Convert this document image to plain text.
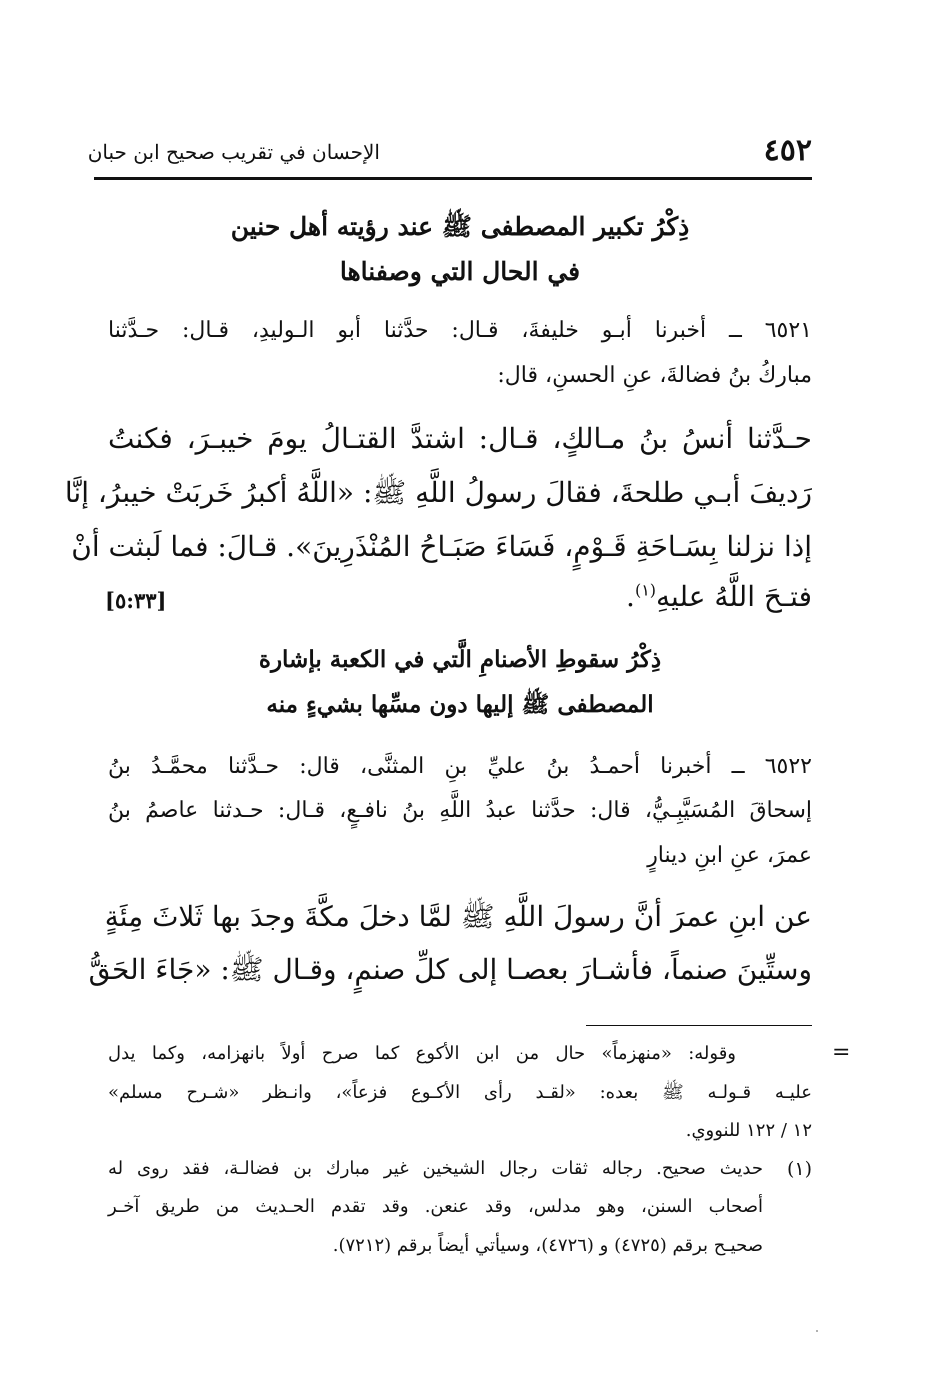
٤٥٢
الإحسان في تقريب صحيح ابن حبان
ذِكْرُ تكبير المصطفى ﷺ عند رؤيته أهل حنين
في الحال التي وصفناها
٦٥٢١ ــ أخبرنا أبـو خليفةَ، قـال: حدَّثنا أبو الـوليدِ، قـال: حـدَّثنا
مباركُ بنُ فضالةَ، عنِ الحسنِ، قال:
حـدَّثنا أنسُ بنُ مـالكٍ، قـال: اشتدَّ القتـالُ يومَ خيبـرَ، فكنتُ
رَديفَ أبـي طلحةَ، فقالَ رسولُ اللَّهِ ﷺ: «اللَّهُ أكبرُ خَربَتْ خيبرُ، إنَّا
إذا نزلنا بِسَـاحَةِ قَـوْمٍ، فَسَاءَ صَبَـاحُ المُنْذَرِينَ». قـالَ: فما لَبثت أنْ
فتـحَ اللَّهُ عليهِ$^{(١)}$.
[٥:٣٣]
ذِكْرُ سقوطِ الأصنامِ الَّتي في الكعبة بإشارة
المصطفى ﷺ إليها دون مسِّها بشيءٍ منه
٦٥٢٢ ــ أخبرنا أحمـدُ بنُ عليِّ بنِ المثنَّى، قال: حـدَّثنا محمَّـدُ بنُ
إسحاقَ المُسَيَّبِـيُّ، قال: حدَّثنا عبدُ اللَّهِ بنُ نافـعٍ، قـال: حـدثنا عاصمُ بنُ
عمرَ، عنِ ابنِ دينارٍ
عن ابنِ عمرَ أنَّ رسولَ اللَّهِ ﷺ لمَّا دخلَ مكَّةَ وجدَ بها ثَلاثَ مِئَةٍ
وستِّينَ صنماً، فأشـارَ بعصـا إلى كلِّ صنمٍ، وقـال ﷺ: «جَاءَ الحَقُّ
=
وقوله: «منهزماً» حال من ابن الأكوع كما صرح أولاً بانهزامه، وكما يدل
عليـه قـولـه ﷺ بعده: «لقـد رأى الأكـوع فزعاً»، وانـظر «شـرح مسلم»
١٢ / ١٢٢ للنووي.
(١)
حديث صحيح. رجاله ثقات رجال الشيخين غير مبارك بن فضالـة، فقد روى له
أصحاب السنن، وهو مدلس، وقد عنعن. وقد تقدم الحـديث من طريق آخـر
صحيـح برقم (٤٧٢٥) و (٤٧٢٦)، وسيأتي أيضاً برقم (٧٢١٢).
